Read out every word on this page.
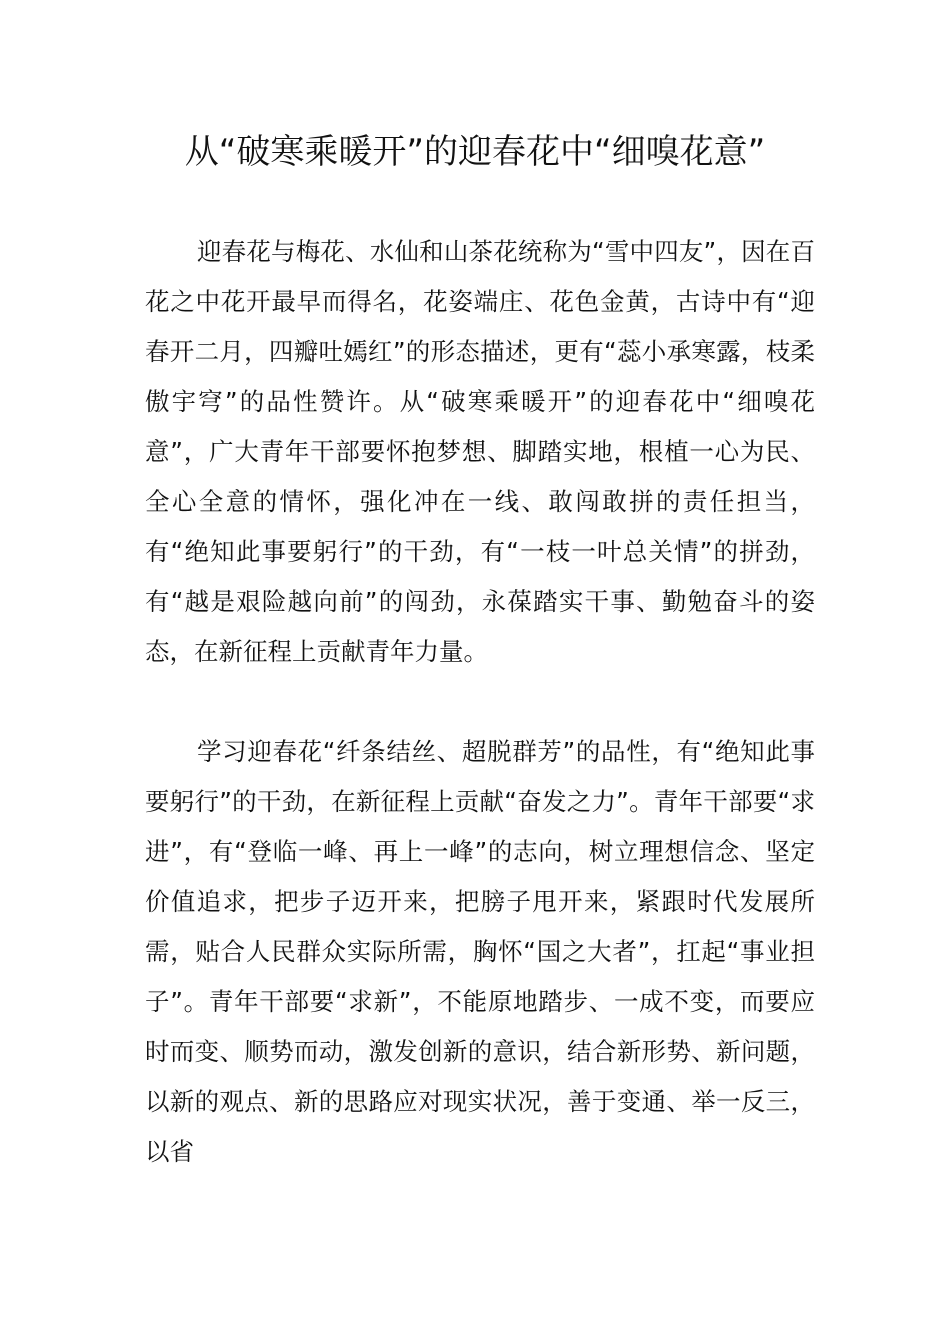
从“破寒乘暖开”的迎春花中“细嗅花意”

迎春花与梅花、水仙和山茶花统称为“雪中四友”，因在百花之中花开最早而得名，花姿端庄、花色金黄，古诗中有“迎春开二月，四瓣吐嫣红”的形态描述，更有“蕊小承寒露，枝柔傲宇穹”的品性赞许。从“破寒乘暖开”的迎春花中“细嗅花意”，广大青年干部要怀抱梦想、脚踏实地，根植一心为民、全心全意的情怀，强化冲在一线、敢闯敢拼的责任担当，有“绝知此事要躬行”的干劲，有“一枝一叶总关情”的拼劲，有“越是艰险越向前”的闯劲，永葆踏实干事、勤勉奋斗的姿态，在新征程上贡献青年力量。

学习迎春花“纤条结丝、超脱群芳”的品性，有“绝知此事要躬行”的干劲，在新征程上贡献“奋发之力”。青年干部要“求进”，有“登临一峰、再上一峰”的志向，树立理想信念、坚定价值追求，把步子迈开来，把膀子甩开来，紧跟时代发展所需，贴合人民群众实际所需，胸怀“国之大者”，扛起“事业担子”。青年干部要“求新”，不能原地踏步、一成不变，而要应时而变、顺势而动，激发创新的意识，结合新形势、新问题，以新的观点、新的思路应对现实状况，善于变通、举一反三，以省
